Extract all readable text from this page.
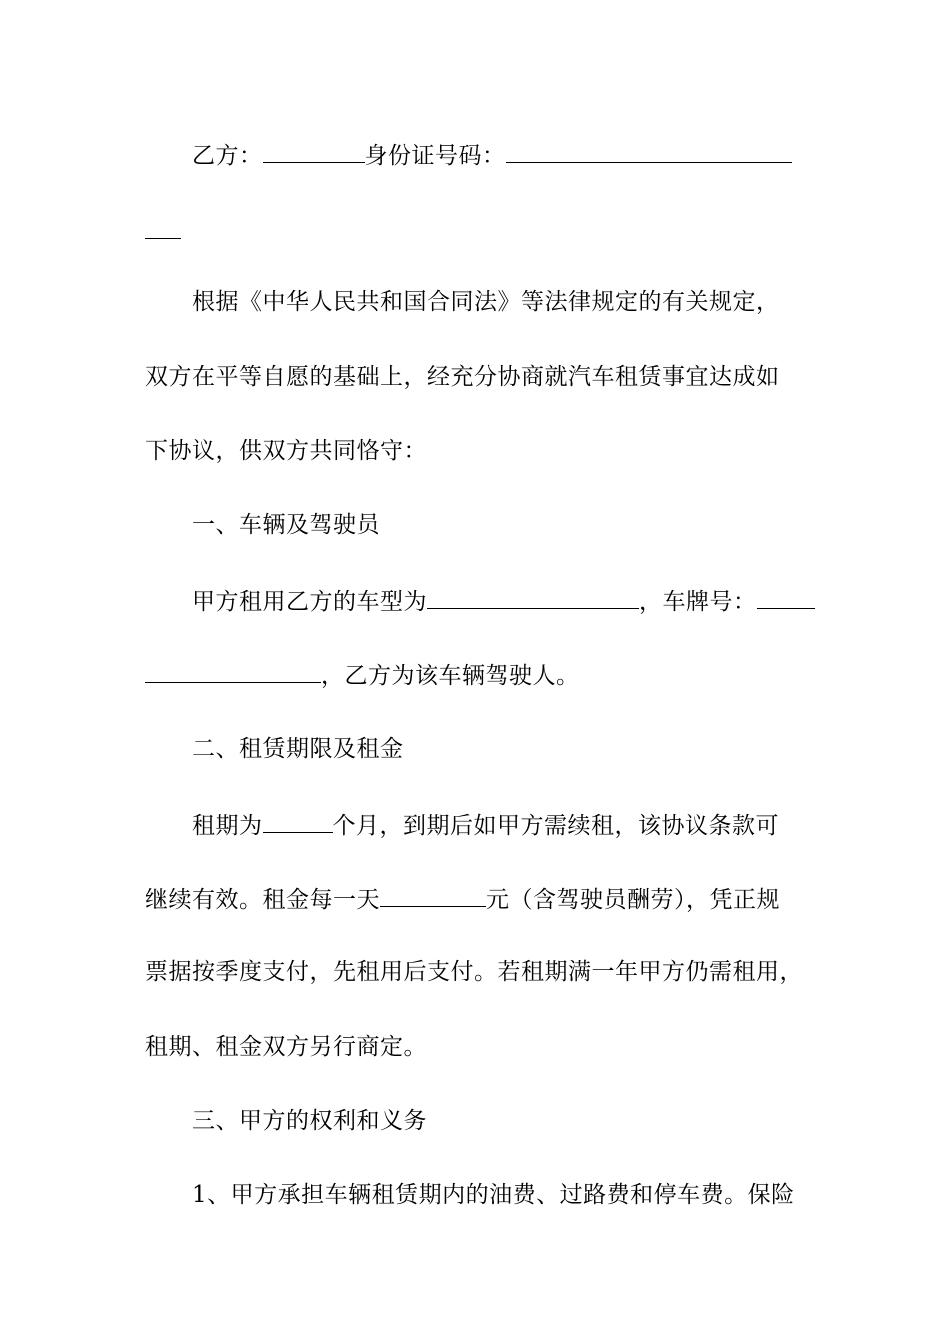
乙方：	身份证号码：
根据《中华人民共和国合同法》等法律规定的有关规定，
双方在平等自愿的基础上，经充分协商就汽车租赁事宜达成如
下协议，供双方共同恪守：
一、车辆及驾驶员
甲方租用乙方的车型为	，车牌号：
，乙方为该车辆驾驶人。
二、租赁期限及租金
租期为	个月，到期后如甲方需续租，该协议条款可
继续有效。租金每一天	元（含驾驶员酬劳），凭正规
票据按季度支付，先租用后支付。若租期满一年甲方仍需租用，
租期、租金双方另行商定。
三、甲方的权利和义务
1、甲方承担车辆租赁期内的油费、过路费和停车费。保险
